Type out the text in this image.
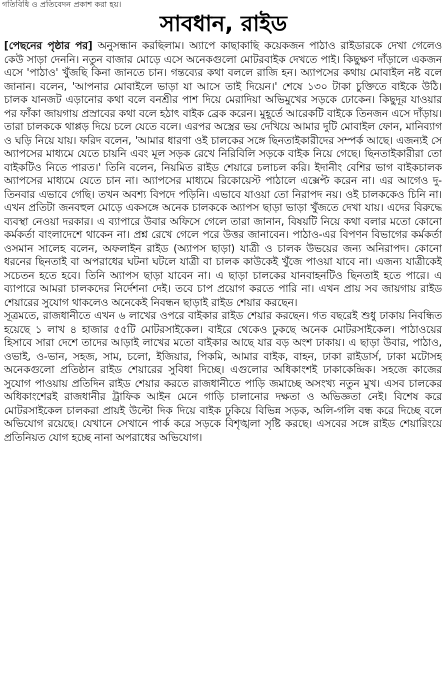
গতিবিধি ও প্রতিবেদন প্রকাশ করা হয়।
সাবধান, রাইড

[পেছনের পৃষ্ঠার পর] অনুসন্ধান করছিলাম। অ্যাপে কাছাকাছি কয়েকজন পাঠাও রাইডারকে দেখা গেলেও কেউ সাড়া দেননি। নতুন বাজার মোড়ে এসে অনেকগুলো মোটরবাইক দেখতে পাই। কিছুক্ষণ দাঁড়ালে একজন এসে 'পাঠাও' খুঁজছি কিনা জানতে চান। গন্তব্যের কথা বললে রাজি হন। অ্যাপসের কথায় মোবাইল নষ্ট বলে জানান। বলেন, 'আপনার মোবাইলে ভাড়া যা আসে তাই দিয়েন।' শেষে ১৩০ টাকা চুক্তিতে বাইকে উঠি। চালক যানজট এড়ানোর কথা বলে বনশ্রীর পাশ দিয়ে মেরাদিয়া অভিমুখের সড়কে ঢোকেন। কিছুদূর যাওয়ার পর ফাঁকা জায়গায় প্রস্রাবের কথা বলে হঠাৎ বাইক ব্রেক করেন। মুহূর্তে আরেকটি বাইকে তিনজন এসে দাঁড়ায়। তারা চালককে থাপ্পড় দিয়ে চলে যেতে বলে। এরপর অস্ত্রের ভয় দেখিয়ে আমার দুটি মোবাইল ফোন, মানিব্যাগ ও ঘড়ি নিয়ে যায়। ফরিদ বলেন, 'আমার ধারণা ওই চালকের সঙ্গে ছিনতাইকারীদের সম্পর্ক আছে। এজন্যই সে অ্যাপসের মাধ্যমে যেতে চায়নি এবং মূল সড়ক রেখে নিরিবিলি সড়কে বাইক নিয়ে গেছে। ছিনতাইকারীরা তো বাইকটিও নিতে পারত।' তিনি বলেন, নিয়মিত রাইড শেয়ারে চলাচল করি। ইদানীং বেশির ভাগ বাইকচালক অ্যাপসের মাধ্যমে যেতে চান না। অ্যাপসের মাধ্যমে রিকোয়েস্ট পাঠালে এক্সেপ্ট করেন না। এর আগেও দু-তিনবার এভাবে গেছি। তখন অবশ্য বিপদে পড়িনি। এভাবে যাওয়া তো নিরাপদ নয়। ওই চালককেও চিনি না। এখন প্রতিটা জনবহুল মোড়ে একসঙ্গে অনেক চালককে অ্যাপস ছাড়া ভাড়া খুঁজতে দেখা যায়। এদের বিরুদ্ধে ব্যবস্থা নেওয়া দরকার। এ ব্যাপারে উবার অফিসে গেলে তারা জানান, বিষয়টি নিয়ে কথা বলার মতো কোনো কর্মকর্তা বাংলাদেশে থাকেন না। প্রশ্ন রেখে গেলে পরে উত্তর জানাবেন। পাঠাও-এর বিপণন বিভাগের কর্মকর্তা ওসমান সালেহ বলেন, অফলাইন রাইড (অ্যাপস ছাড়া) যাত্রী ও চালক উভয়ের জন্য অনিরাপদ। কোনো ধরনের ছিনতাই বা অপরাধের ঘটনা ঘটলে যাত্রী বা চালক কাউকেই খুঁজে পাওয়া যাবে না। এজন্য যাত্রীকেই সচেতন হতে হবে। তিনি অ্যাপস ছাড়া যাবেন না। এ ছাড়া চালকের যানবাহনটিও ছিনতাই হতে পারে। এ ব্যাপারে আমরা চালকদের নির্দেশনা দেই। তবে চাপ প্রয়োগ করতে পারি না। এখন প্রায় সব জায়গায় রাইড শেয়ারের সুযোগ থাকলেও অনেকেই নিবন্ধন ছাড়াই রাইড শেয়ার করছেন।

সূত্রমতে, রাজধানীতে এখন ৬ লাখের ওপরে বাইকার রাইড শেয়ার করছেন। গত বছরেই শুধু ঢাকায় নিবন্ধিত হয়েছে ১ লাখ ৪ হাজার ৫৫টি মোটরসাইকেল। বাইরে থেকেও ঢুকছে অনেক মোটরসাইকেল। পাঠাওয়ের হিসাবে সারা দেশে তাদের আড়াই লাখের মতো বাইকার আছে যার বড় অংশ ঢাকায়। এ ছাড়া উবার, পাঠাও, ওভাই, ও-ভান, সহজ, সাম, চলো, ইজিয়ার, পিকমি, আমার বাইক, বাহন, ঢাকা রাইডার্স, ঢাকা মটোসহ অনেকগুলো প্রতিষ্ঠান রাইড শেয়ারের সুবিধা দিচ্ছে। এগুলোর অধিকাংশই ঢাকাকেন্দ্রিক। সহজে কাজের সুযোগ পাওয়ায় প্রতিদিন রাইড শেয়ার করতে রাজধানীতে পাড়ি জমাচ্ছে অসংখ্য নতুন মুখ। এসব চালকের অধিকাংশেরই রাজধানীর ট্রাফিক আইন মেনে গাড়ি চালানোর দক্ষতা ও অভিজ্ঞতা নেই। বিশেষ করে মোটরসাইকেল চালকরা প্রায়ই উল্টো দিক দিয়ে বাইক ঢুকিয়ে বিভিন্ন সড়ক, অলি-গলি বন্ধ করে দিচ্ছে বলে অভিযোগ রয়েছে। যেখানে সেখানে পার্ক করে সড়কে বিশৃঙ্খলা সৃষ্টি করছে। এসবের সঙ্গে রাইড শেয়ারিংয়ে প্রতিনিয়ত যোগ হচ্ছে নানা অপরাধের অভিযোগ।
